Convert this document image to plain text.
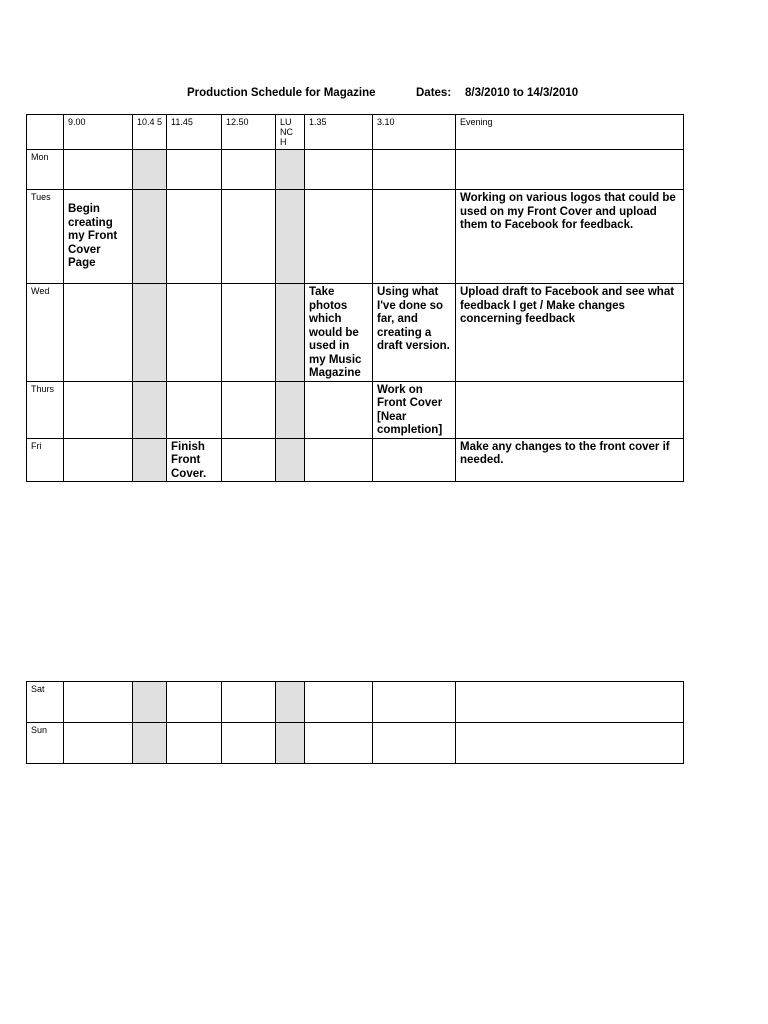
Production Schedule for Magazine	Dates: 8/3/2010 to 14/3/2010
	9.00	10.4 5	11.45	12.50	LU NC H	1.35	3.10	Evening
Mon								
Tues	Begin creating my Front Cover Page							Working on various logos that could be used on my Front Cover and upload them to Facebook for feedback.
Wed						Take photos which would be used in my Music Magazine	Using what I've done so far, and creating a draft version.	Upload draft to Facebook and see what feedback I get / Make changes concerning feedback
Thurs							Work on Front Cover [Near completion]	
Fri			Finish Front Cover.					Make any changes to the front cover if needed.
Sat								
Sun								
